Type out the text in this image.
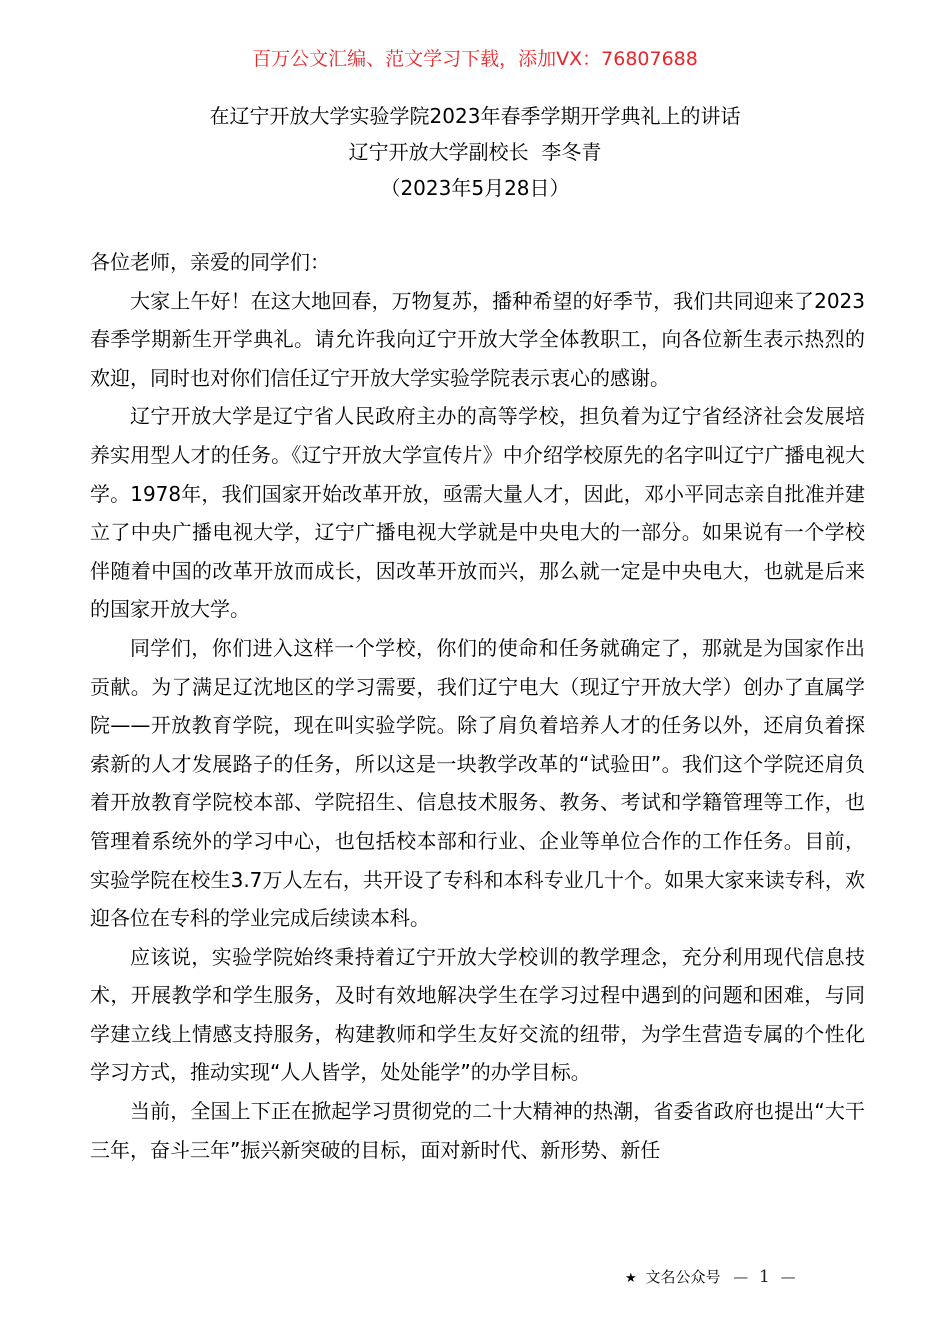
百万公文汇编、范文学习下载，添加VX：76807688
在辽宁开放大学实验学院2023年春季学期开学典礼上的讲话
辽宁开放大学副校长  李冬青
（2023年5月28日）

各位老师，亲爱的同学们：

大家上午好！在这大地回春，万物复苏，播种希望的好季节，我们共同迎来了2023春季学期新生开学典礼。请允许我向辽宁开放大学全体教职工，向各位新生表示热烈的欢迎，同时也对你们信任辽宁开放大学实验学院表示衷心的感谢。

辽宁开放大学是辽宁省人民政府主办的高等学校，担负着为辽宁省经济社会发展培养实用型人才的任务。《辽宁开放大学宣传片》中介绍学校原先的名字叫辽宁广播电视大学。1978年，我们国家开始改革开放，亟需大量人才，因此，邓小平同志亲自批准并建立了中央广播电视大学，辽宁广播电视大学就是中央电大的一部分。如果说有一个学校伴随着中国的改革开放而成长，因改革开放而兴，那么就一定是中央电大，也就是后来的国家开放大学。

同学们，你们进入这样一个学校，你们的使命和任务就确定了，那就是为国家作出贡献。为了满足辽沈地区的学习需要，我们辽宁电大（现辽宁开放大学）创办了直属学院——开放教育学院，现在叫实验学院。除了肩负着培养人才的任务以外，还肩负着探索新的人才发展路子的任务，所以这是一块教学改革的“试验田”。我们这个学院还肩负着开放教育学院校本部、学院招生、信息技术服务、教务、考试和学籍管理等工作，也管理着系统外的学习中心，也包括校本部和行业、企业等单位合作的工作任务。目前，实验学院在校生3.7万人左右，共开设了专科和本科专业几十个。如果大家来读专科，欢迎各位在专科的学业完成后续读本科。

应该说，实验学院始终秉持着辽宁开放大学校训的教学理念，充分利用现代信息技术，开展教学和学生服务，及时有效地解决学生在学习过程中遇到的问题和困难，与同学建立线上情感支持服务，构建教师和学生友好交流的纽带，为学生营造专属的个性化学习方式，推动实现“人人皆学，处处能学”的办学目标。

当前，全国上下正在掀起学习贯彻党的二十大精神的热潮，省委省政府也提出“大干三年，奋斗三年”振兴新突破的目标，面对新时代、新形势、新任

★ 文名公众号 — 1 —
